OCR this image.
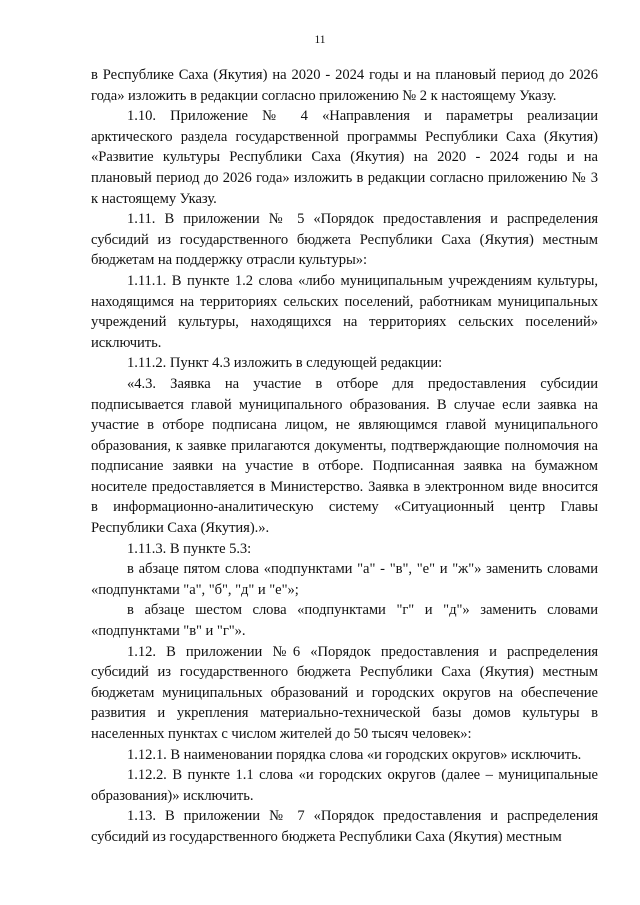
11

в Республике Саха (Якутия) на 2020 - 2024 годы и на плановый период до 2026 года» изложить в редакции согласно приложению № 2 к настоящему Указу.

1.10. Приложение № 4 «Направления и параметры реализации арктического раздела государственной программы Республики Саха (Якутия) «Развитие культуры Республики Саха (Якутия) на 2020 - 2024 годы и на плановый период до 2026 года» изложить в редакции согласно приложению № 3 к настоящему Указу.

1.11. В приложении № 5 «Порядок предоставления и распределения субсидий из государственного бюджета Республики Саха (Якутия) местным бюджетам на поддержку отрасли культуры»:

1.11.1. В пункте 1.2 слова «либо муниципальным учреждениям культуры, находящимся на территориях сельских поселений, работникам муниципальных учреждений культуры, находящихся на территориях сельских поселений» исключить.

1.11.2. Пункт 4.3 изложить в следующей редакции:

«4.3. Заявка на участие в отборе для предоставления субсидии подписывается главой муниципального образования. В случае если заявка на участие в отборе подписана лицом, не являющимся главой муниципального образования, к заявке прилагаются документы, подтверждающие полномочия на подписание заявки на участие в отборе. Подписанная заявка на бумажном носителе предоставляется в Министерство. Заявка в электронном виде вносится в информационно-аналитическую систему «Ситуационный центр Главы Республики Саха (Якутия).».

1.11.3. В пункте 5.3:

в абзаце пятом слова «подпунктами "а" - "в", "е" и "ж"» заменить словами «подпунктами "а", "б", "д" и "е"»;

в абзаце шестом слова «подпунктами "г" и "д"» заменить словами «подпунктами "в" и "г"».

1.12. В приложении №6 «Порядок предоставления и распределения субсидий из государственного бюджета Республики Саха (Якутия) местным бюджетам муниципальных образований и городских округов на обеспечение развития и укрепления материально-технической базы домов культуры в населенных пунктах с числом жителей до 50 тысяч человек»:

1.12.1. В наименовании порядка слова «и городских округов» исключить.

1.12.2. В пункте 1.1 слова «и городских округов (далее – муниципальные образования)» исключить.

1.13. В приложении № 7 «Порядок предоставления и распределения субсидий из государственного бюджета Республики Саха (Якутия) местным
